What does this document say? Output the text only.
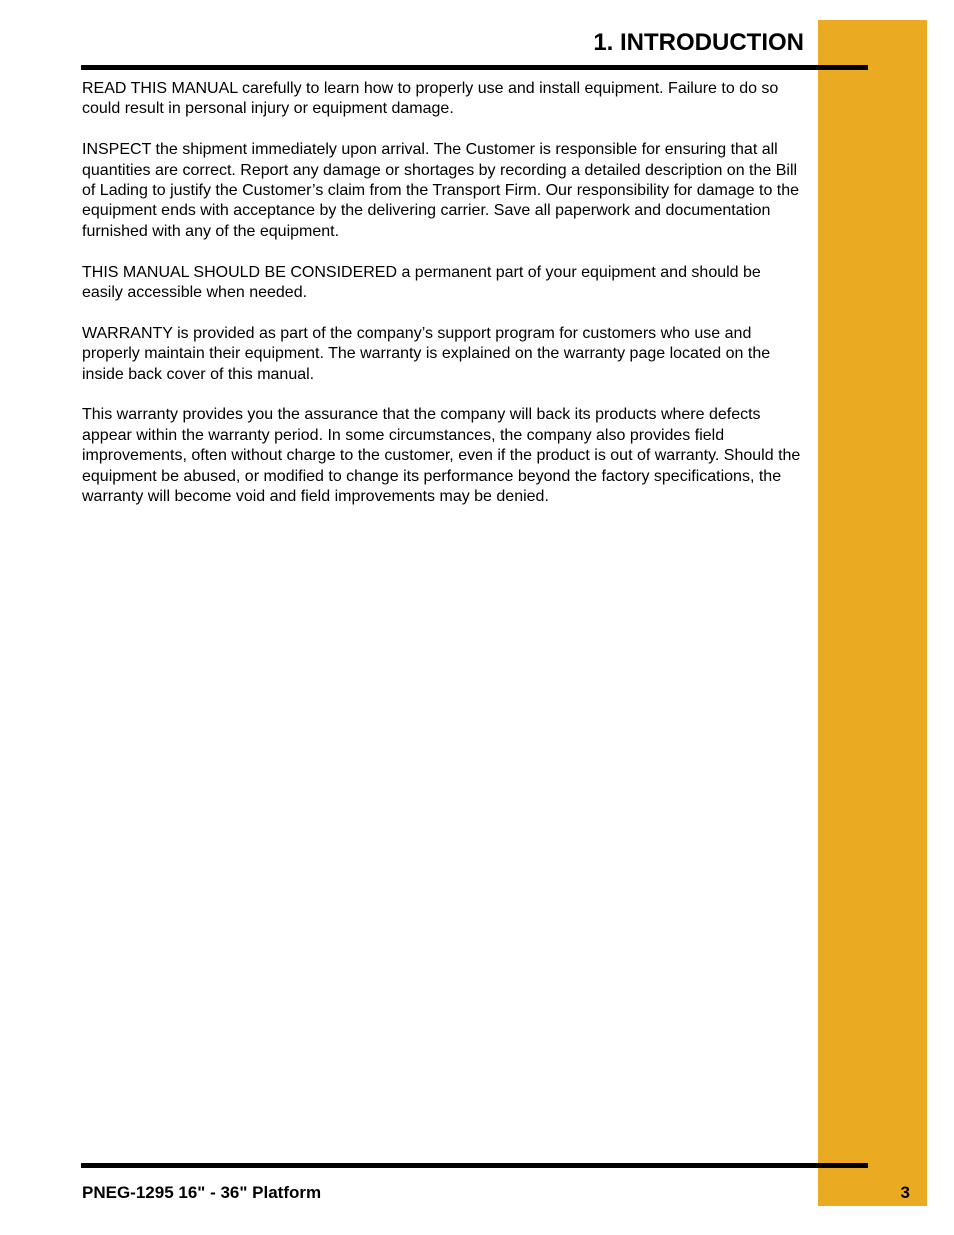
1. INTRODUCTION

READ THIS MANUAL carefully to learn how to properly use and install equipment. Failure to do so could result in personal injury or equipment damage.

INSPECT the shipment immediately upon arrival. The Customer is responsible for ensuring that all quantities are correct. Report any damage or shortages by recording a detailed description on the Bill of Lading to justify the Customer’s claim from the Transport Firm. Our responsibility for damage to the equipment ends with acceptance by the delivering carrier. Save all paperwork and documentation furnished with any of the equipment.

THIS MANUAL SHOULD BE CONSIDERED a permanent part of your equipment and should be easily accessible when needed.

WARRANTY is provided as part of the company’s support program for customers who use and properly maintain their equipment. The warranty is explained on the warranty page located on the inside back cover of this manual.

This warranty provides you the assurance that the company will back its products where defects appear within the warranty period. In some circumstances, the company also provides field improvements, often without charge to the customer, even if the product is out of warranty. Should the equipment be abused, or modified to change its performance beyond the factory specifications, the warranty will become void and field improvements may be denied.

PNEG-1295 16" - 36" Platform	3
